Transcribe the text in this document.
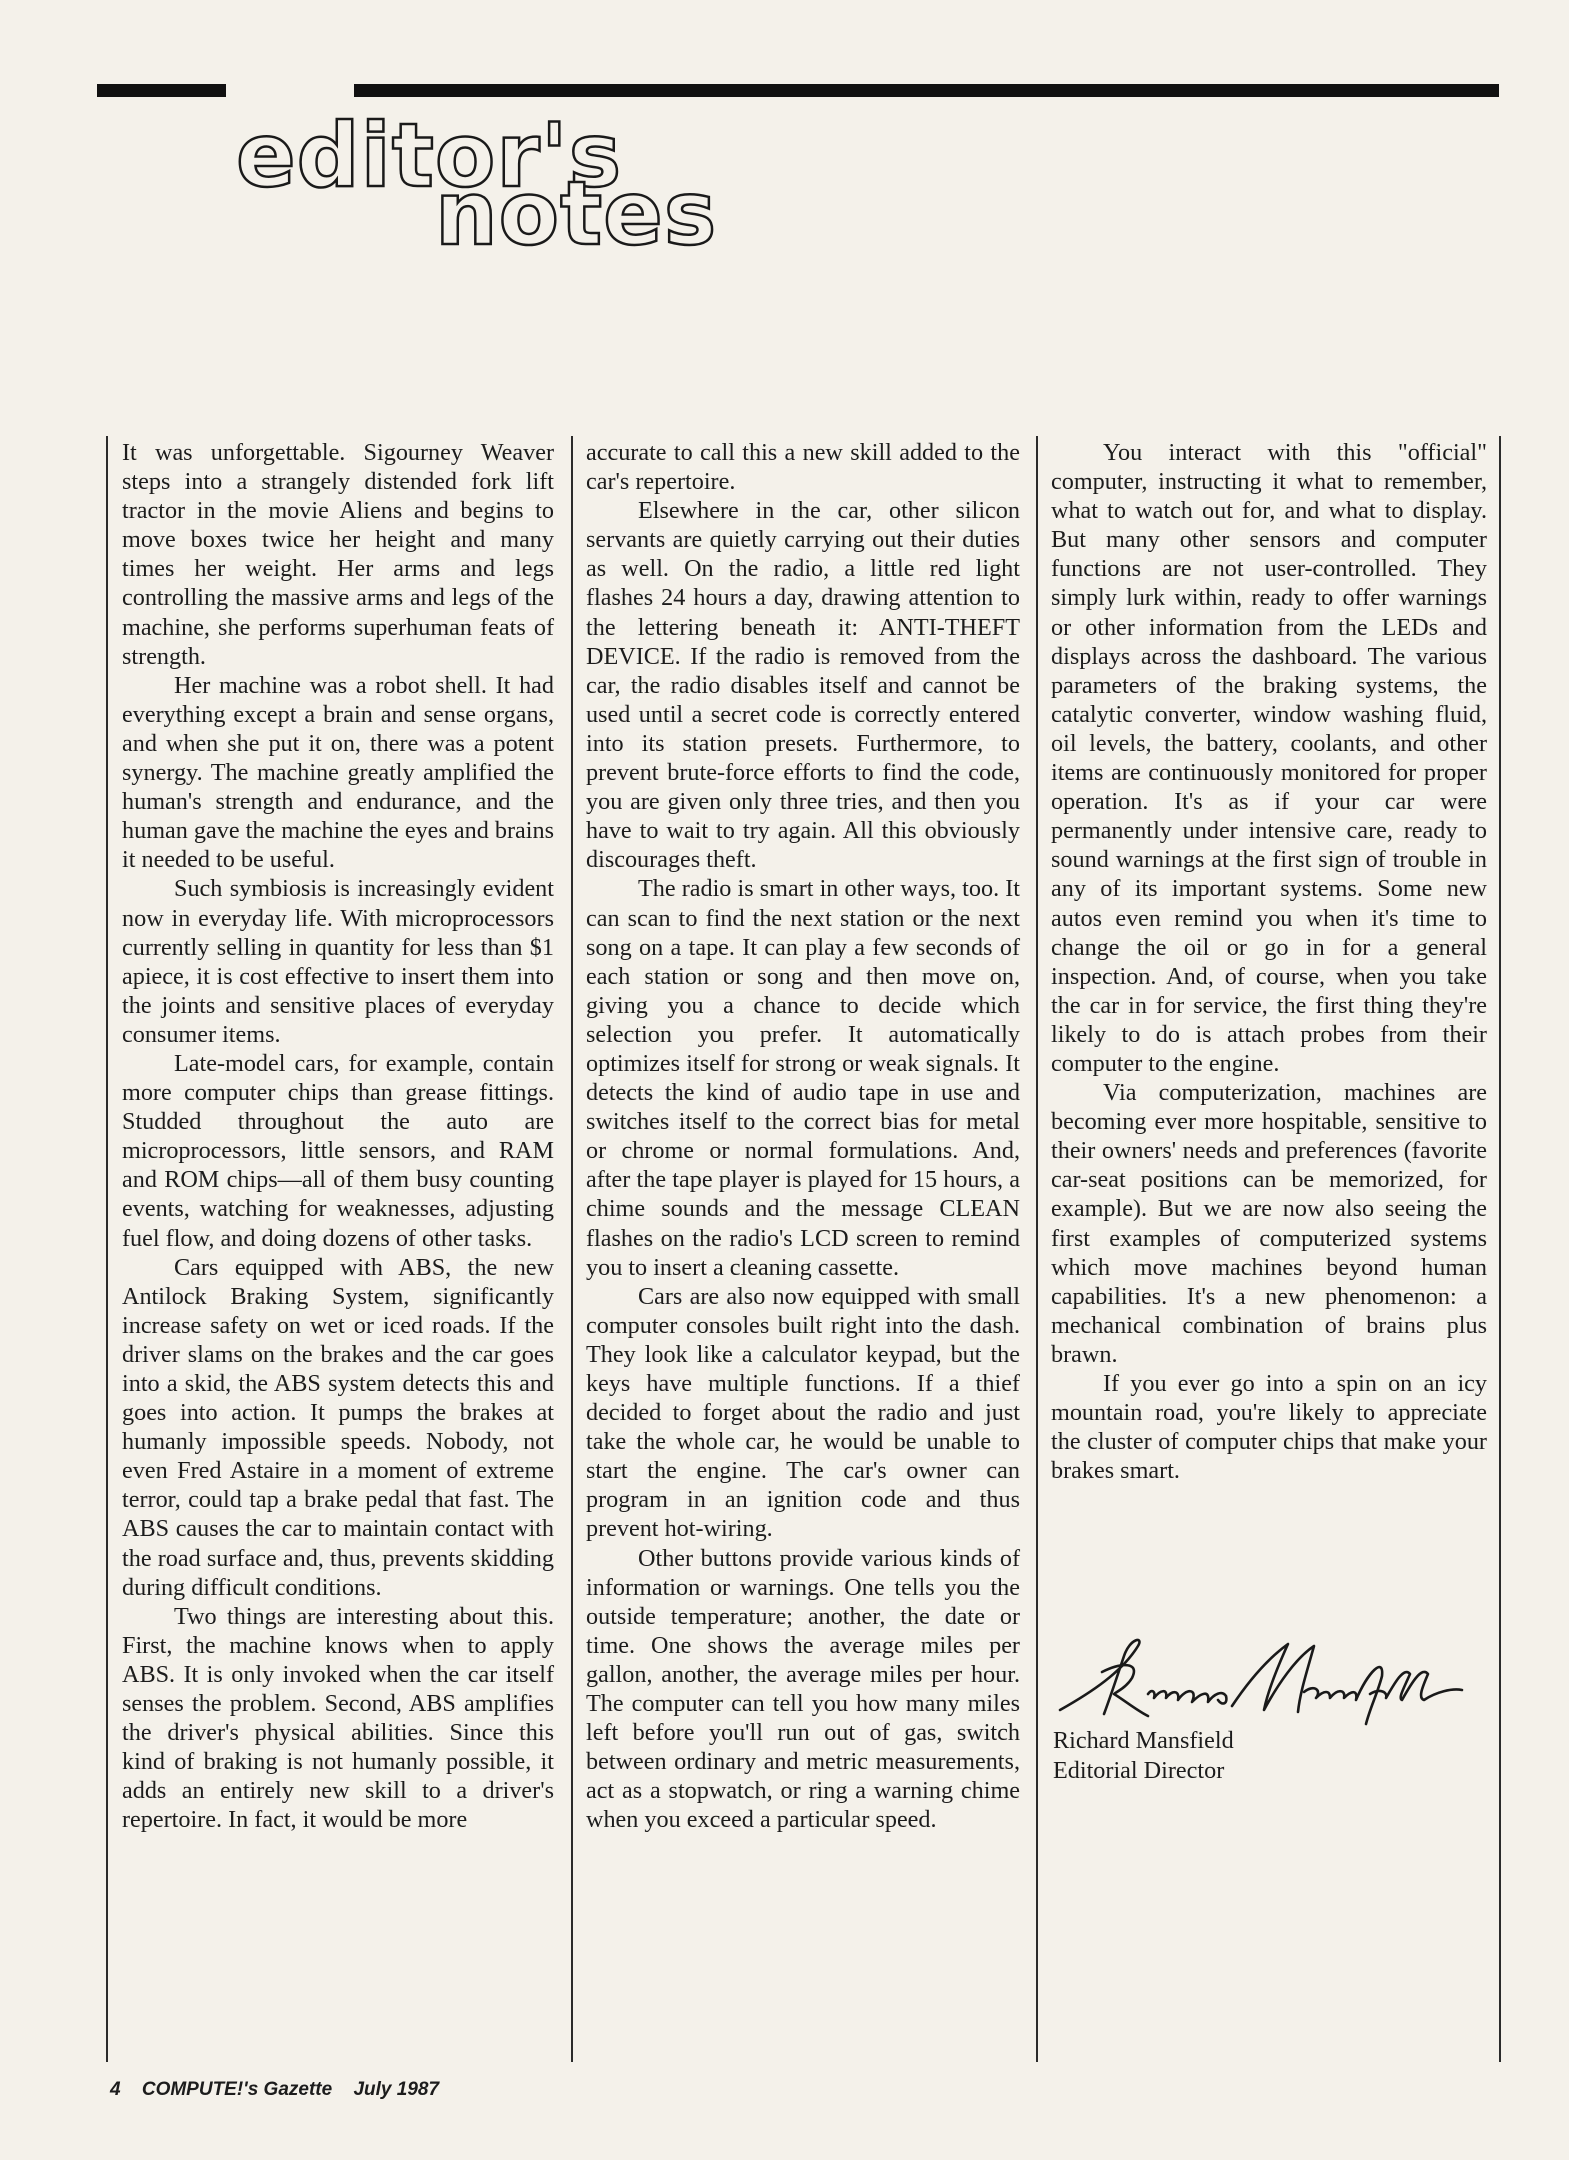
editor's
notes

It was unforgettable. Sigourney Weaver steps into a strangely distended fork lift tractor in the movie Aliens and begins to move boxes twice her height and many times her weight. Her arms and legs controlling the massive arms and legs of the machine, she performs superhuman feats of strength.

Her machine was a robot shell. It had everything except a brain and sense organs, and when she put it on, there was a potent synergy. The machine greatly amplified the human's strength and endurance, and the human gave the machine the eyes and brains it needed to be useful.

Such symbiosis is increasingly evident now in everyday life. With microprocessors currently selling in quantity for less than $1 apiece, it is cost effective to insert them into the joints and sensitive places of everyday consumer items.

Late-model cars, for example, contain more computer chips than grease fittings. Studded throughout the auto are microprocessors, little sensors, and RAM and ROM chips—all of them busy counting events, watching for weaknesses, adjusting fuel flow, and doing dozens of other tasks.

Cars equipped with ABS, the new Antilock Braking System, significantly increase safety on wet or iced roads. If the driver slams on the brakes and the car goes into a skid, the ABS system detects this and goes into action. It pumps the brakes at humanly impossible speeds. Nobody, not even Fred Astaire in a moment of extreme terror, could tap a brake pedal that fast. The ABS causes the car to maintain contact with the road surface and, thus, prevents skidding during difficult conditions.

Two things are interesting about this. First, the machine knows when to apply ABS. It is only invoked when the car itself senses the problem. Second, ABS amplifies the driver's physical abilities. Since this kind of braking is not humanly possible, it adds an entirely new skill to a driver's repertoire. In fact, it would be more

accurate to call this a new skill added to the car's repertoire.

Elsewhere in the car, other silicon servants are quietly carrying out their duties as well. On the radio, a little red light flashes 24 hours a day, drawing attention to the lettering beneath it: ANTI-THEFT DEVICE. If the radio is removed from the car, the radio disables itself and cannot be used until a secret code is correctly entered into its station presets. Furthermore, to prevent brute-force efforts to find the code, you are given only three tries, and then you have to wait to try again. All this obviously discourages theft.

The radio is smart in other ways, too. It can scan to find the next station or the next song on a tape. It can play a few seconds of each station or song and then move on, giving you a chance to decide which selection you prefer. It automatically optimizes itself for strong or weak signals. It detects the kind of audio tape in use and switches itself to the correct bias for metal or chrome or normal formulations. And, after the tape player is played for 15 hours, a chime sounds and the message CLEAN flashes on the radio's LCD screen to remind you to insert a cleaning cassette.

Cars are also now equipped with small computer consoles built right into the dash. They look like a calculator keypad, but the keys have multiple functions. If a thief decided to forget about the radio and just take the whole car, he would be unable to start the engine. The car's owner can program in an ignition code and thus prevent hot-wiring.

Other buttons provide various kinds of information or warnings. One tells you the outside temperature; another, the date or time. One shows the average miles per gallon, another, the average miles per hour. The computer can tell you how many miles left before you'll run out of gas, switch between ordinary and metric measurements, act as a stopwatch, or ring a warning chime when you exceed a particular speed.

You interact with this "official" computer, instructing it what to remember, what to watch out for, and what to display. But many other sensors and computer functions are not user-controlled. They simply lurk within, ready to offer warnings or other information from the LEDs and displays across the dashboard. The various parameters of the braking systems, the catalytic converter, window washing fluid, oil levels, the battery, coolants, and other items are continuously monitored for proper operation. It's as if your car were permanently under intensive care, ready to sound warnings at the first sign of trouble in any of its important systems. Some new autos even remind you when it's time to change the oil or go in for a general inspection. And, of course, when you take the car in for service, the first thing they're likely to do is attach probes from their computer to the engine.

Via computerization, machines are becoming ever more hospitable, sensitive to their owners' needs and preferences (favorite car-seat positions can be memorized, for example). But we are now also seeing the first examples of computerized systems which move machines beyond human capabilities. It's a new phenomenon: a mechanical combination of brains plus brawn.

If you ever go into a spin on an icy mountain road, you're likely to appreciate the cluster of computer chips that make your brakes smart.

Richard Mansfield
Editorial Director
4 COMPUTE!'s Gazette July 1987
